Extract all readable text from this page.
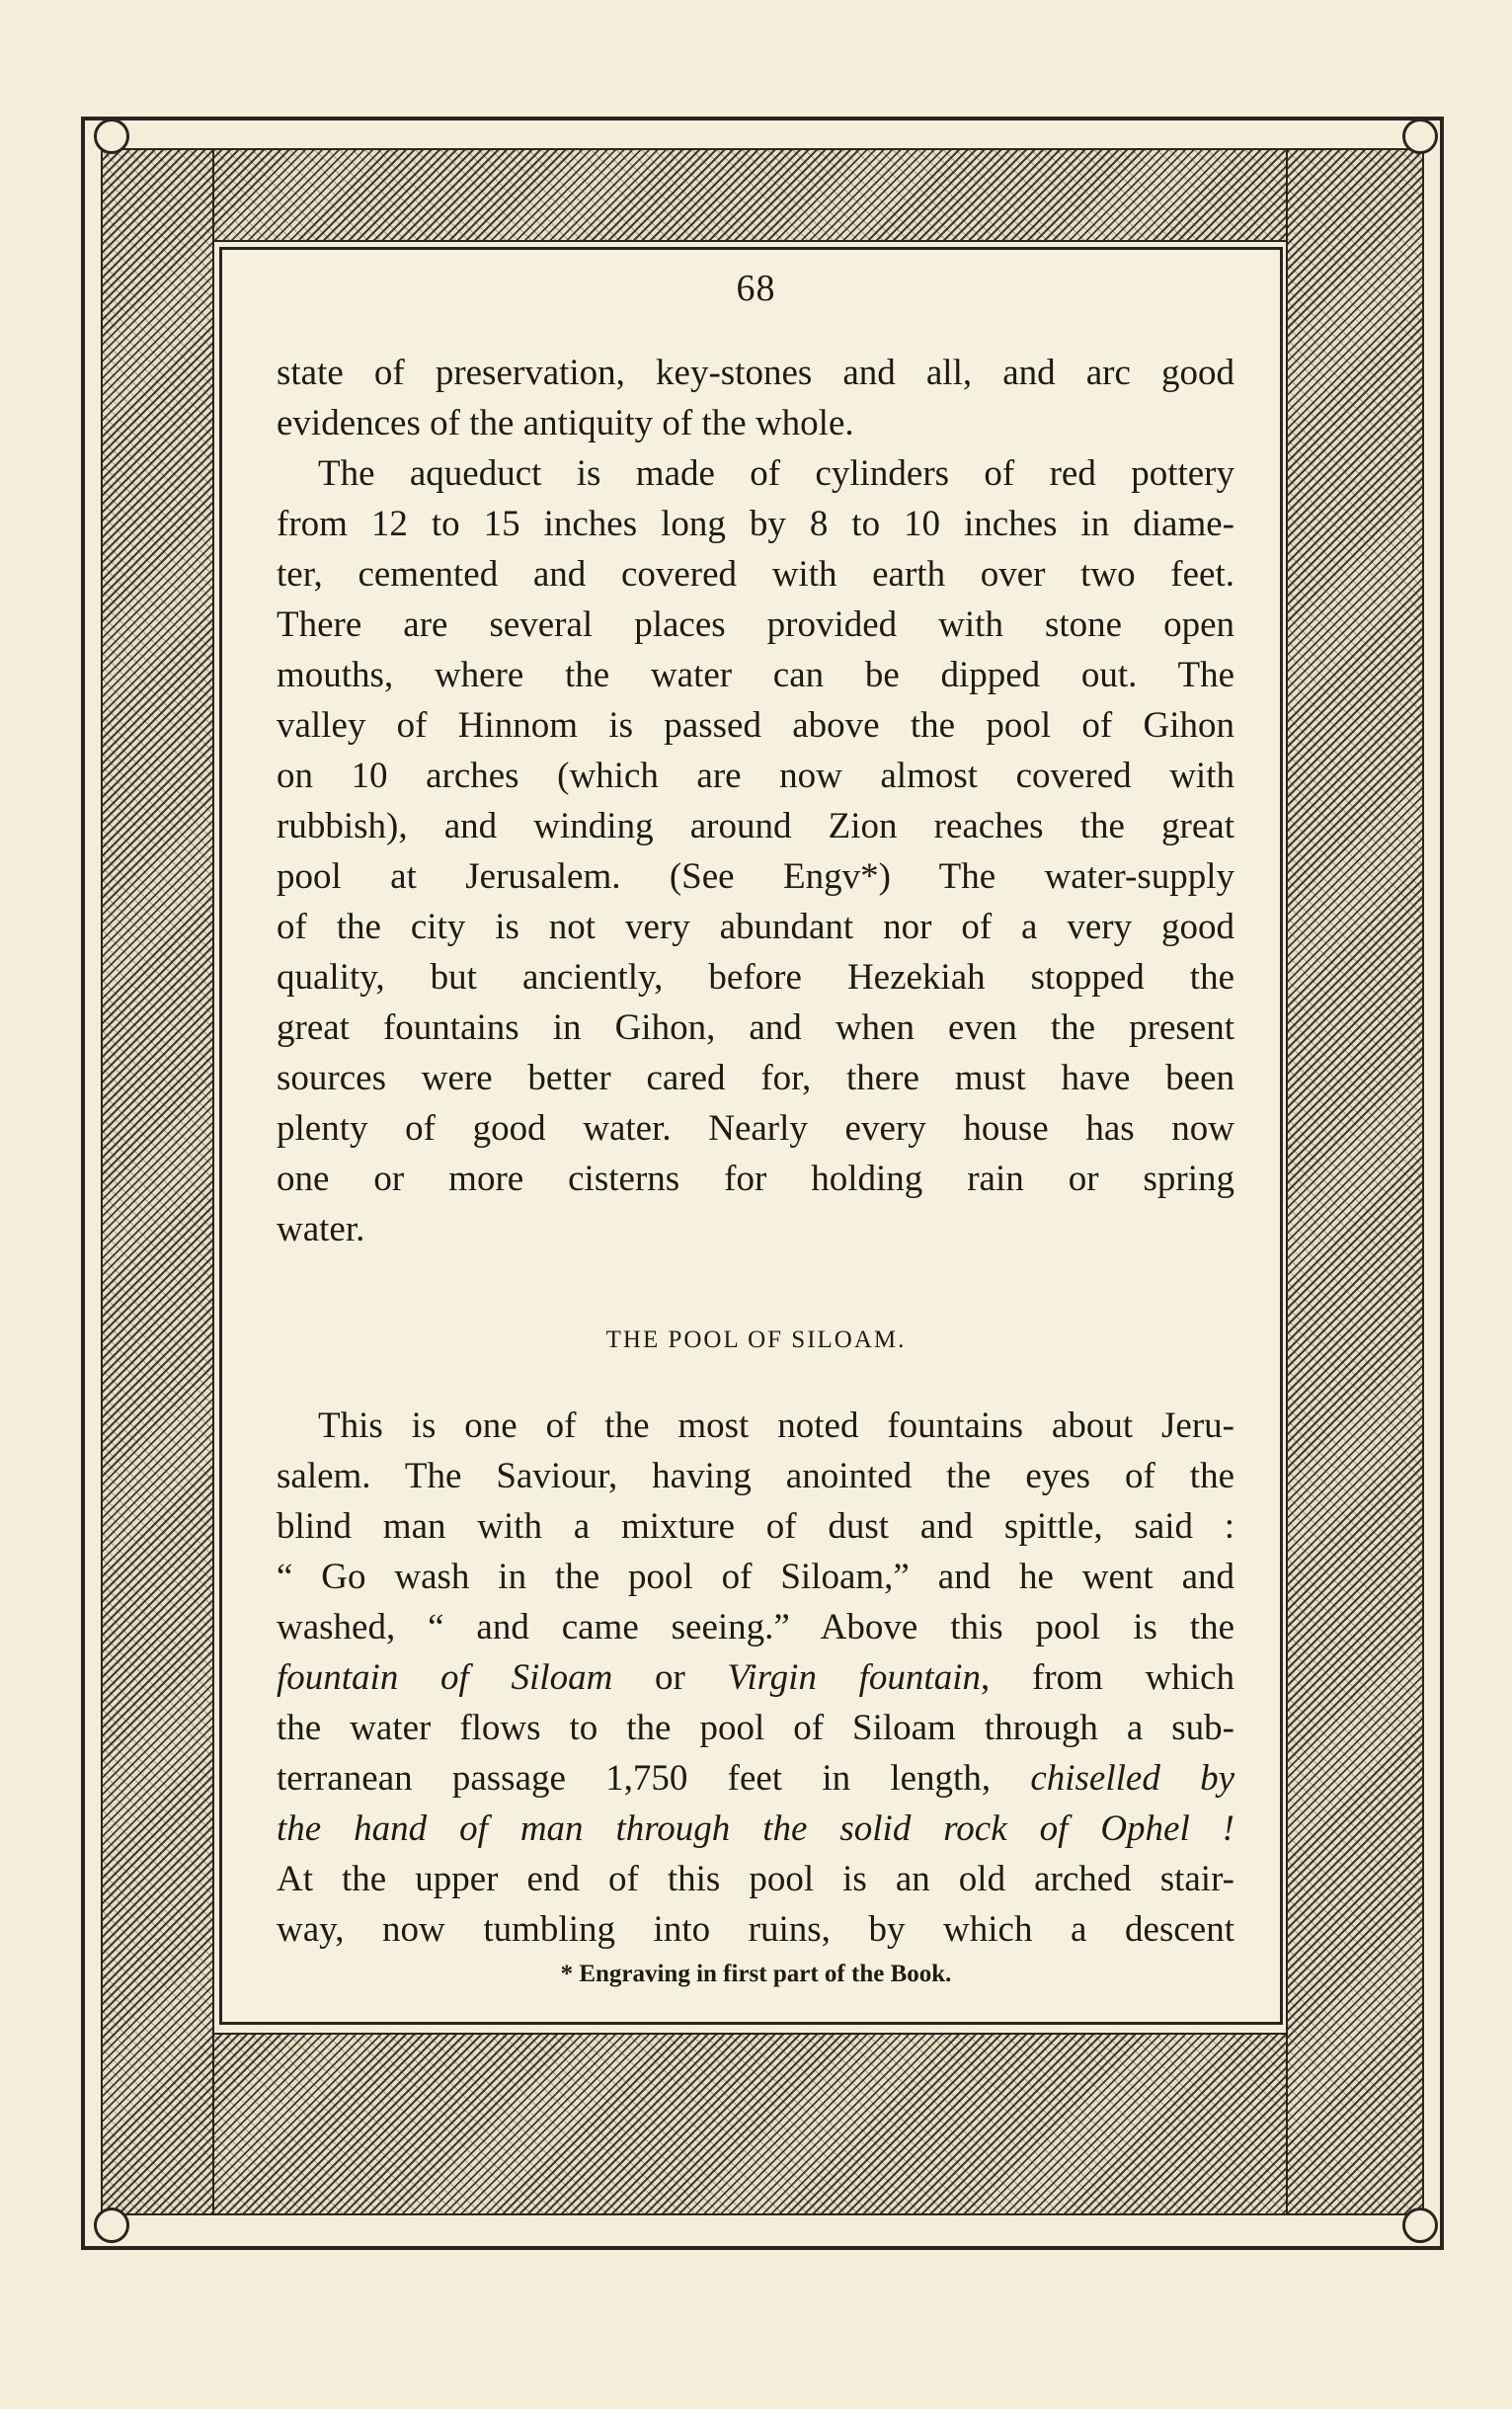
68

state of preservation, key-stones and all, and arc good
evidences of the antiquity of the whole.

The aqueduct is made of cylinders of red pottery
from 12 to 15 inches long by 8 to 10 inches in diame-
ter, cemented and covered with earth over two feet.
There are several places provided with stone open
mouths, where the water can be dipped out. The
valley of Hinnom is passed above the pool of Gihon
on 10 arches (which are now almost covered with
rubbish), and winding around Zion reaches the great
pool at Jerusalem. (See Engv*) The water-supply
of the city is not very abundant nor of a very good
quality, but anciently, before Hezekiah stopped the
great fountains in Gihon, and when even the present
sources were better cared for, there must have been
plenty of good water. Nearly every house has now
one or more cisterns for holding rain or spring
water.

THE POOL OF SILOAM.

This is one of the most noted fountains about Jeru-
salem. The Saviour, having anointed the eyes of the
blind man with a mixture of dust and spittle, said :
“ Go wash in the pool of Siloam,” and he went and
washed, “ and came seeing.” Above this pool is the
fountain of Siloam or Virgin fountain, from which
the water flows to the pool of Siloam through a sub-
terranean passage 1,750 feet in length, chiselled by
the hand of man through the solid rock of Ophel !
At the upper end of this pool is an old arched stair-
way, now tumbling into ruins, by which a descent

* Engraving in first part of the Book.
